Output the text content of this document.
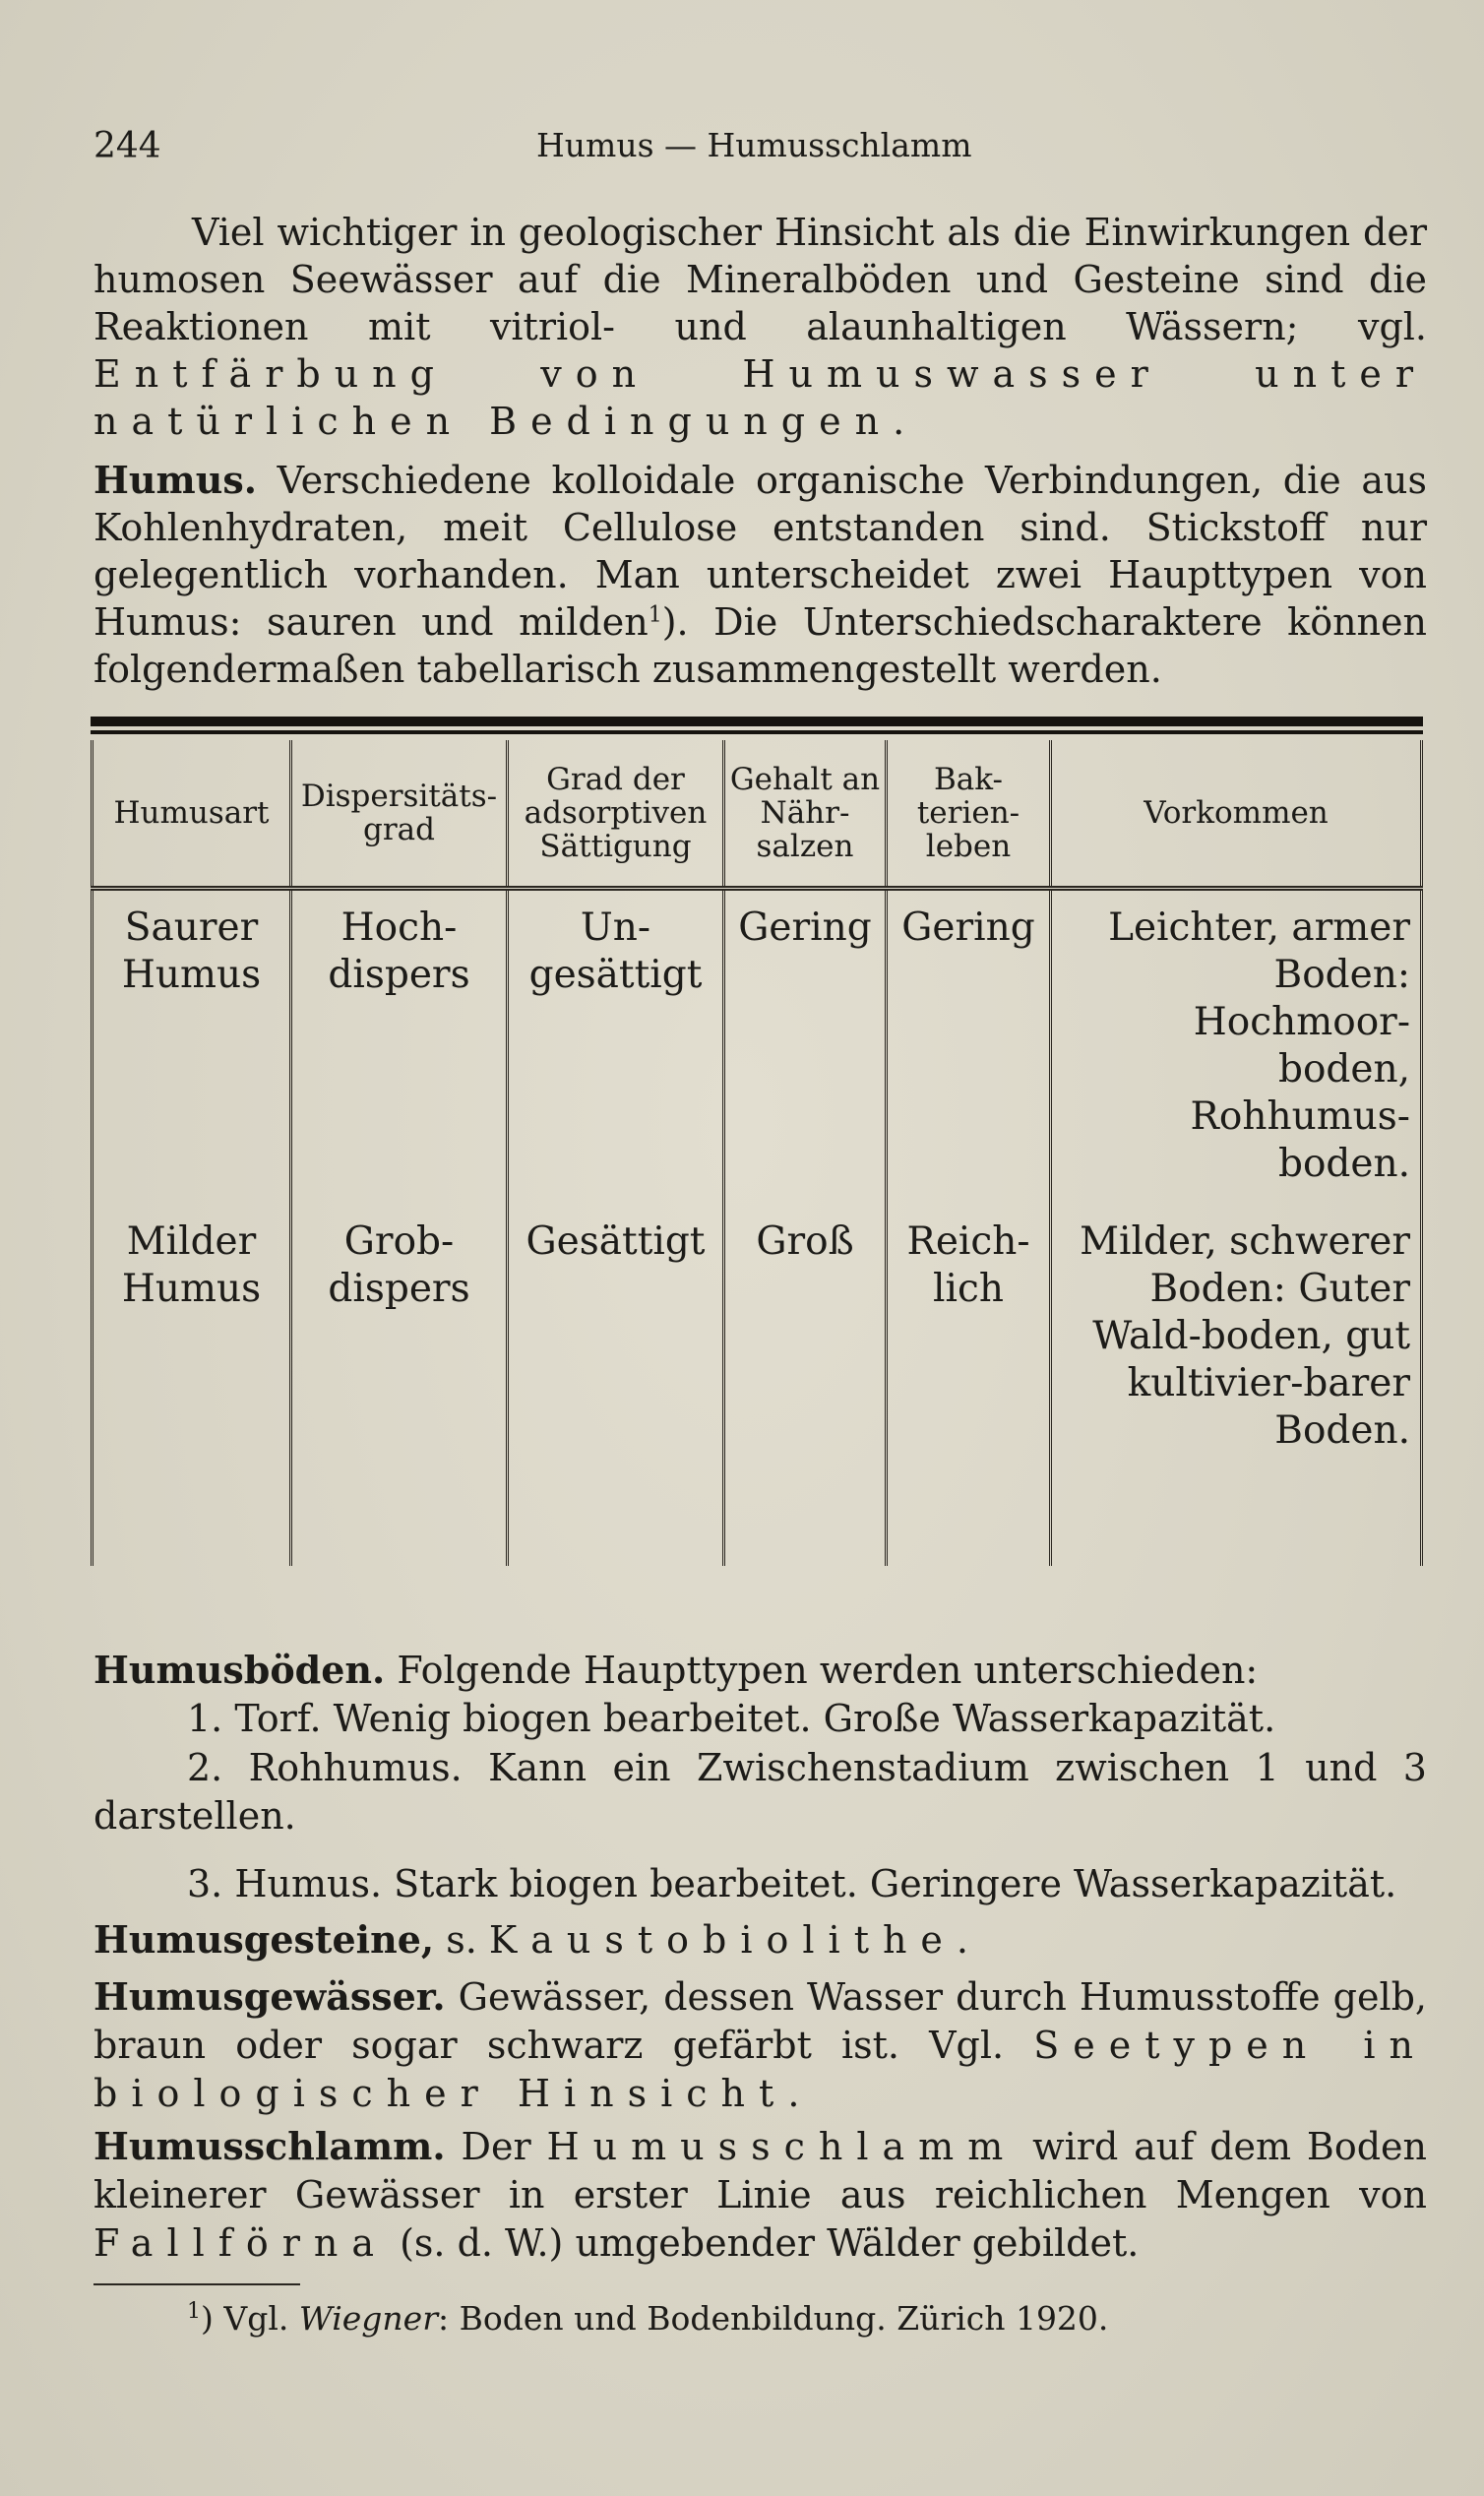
244	Humus — Humusschlamm
Viel wichtiger in geologischer Hinsicht als die Einwirkungen der humosen Seewässer auf die Mineralböden und Gesteine sind die Reaktionen mit vitriol- und alaunhaltigen Wässern; vgl. Entfärbung von Humuswasser unter natürlichen Bedingungen.
Humus. Verschiedene kolloidale organische Verbindungen, die aus Kohlenhydraten, meit Cellulose entstanden sind. Stickstoff nur gelegentlich vorhanden. Man unterscheidet zwei Haupttypen von Humus: sauren und milden$^1$). Die Unterschiedscharaktere können folgendermaßen tabellarisch zusammengestellt werden.
Humusart	Dispersitäts-grad	Grad der adsorptiven Sättigung	Gehalt an Nähr-salzen	Bak-terien-leben	Vorkommen
Saurer Humus	Hoch-dispers	Un-gesättigt	Gering	Gering	Leichter, armer Boden: Hochmoor-boden, Rohhumus-boden.
Milder Humus	Grob-dispers	Gesättigt	Groß	Reich-lich	Milder, schwerer Boden: Guter Wald-boden, gut kultivier-barer Boden.
Humusböden. Folgende Haupttypen werden unterschieden:
1. Torf. Wenig biogen bearbeitet. Große Wasserkapazität.
2. Rohhumus. Kann ein Zwischenstadium zwischen 1 und 3 darstellen.
3. Humus. Stark biogen bearbeitet. Geringere Wasserkapazität.
Humusgesteine, s. Kaustobiolithe.
Humusgewässer. Gewässer, dessen Wasser durch Humusstoffe gelb, braun oder sogar schwarz gefärbt ist. Vgl. Seetypen in biologischer Hinsicht.
Humusschlamm. Der Humusschlamm wird auf dem Boden kleinerer Gewässer in erster Linie aus reichlichen Mengen von Fallförna (s. d. W.) umgebender Wälder gebildet.
$^1$) Vgl. Wiegner: Boden und Bodenbildung. Zürich 1920.
